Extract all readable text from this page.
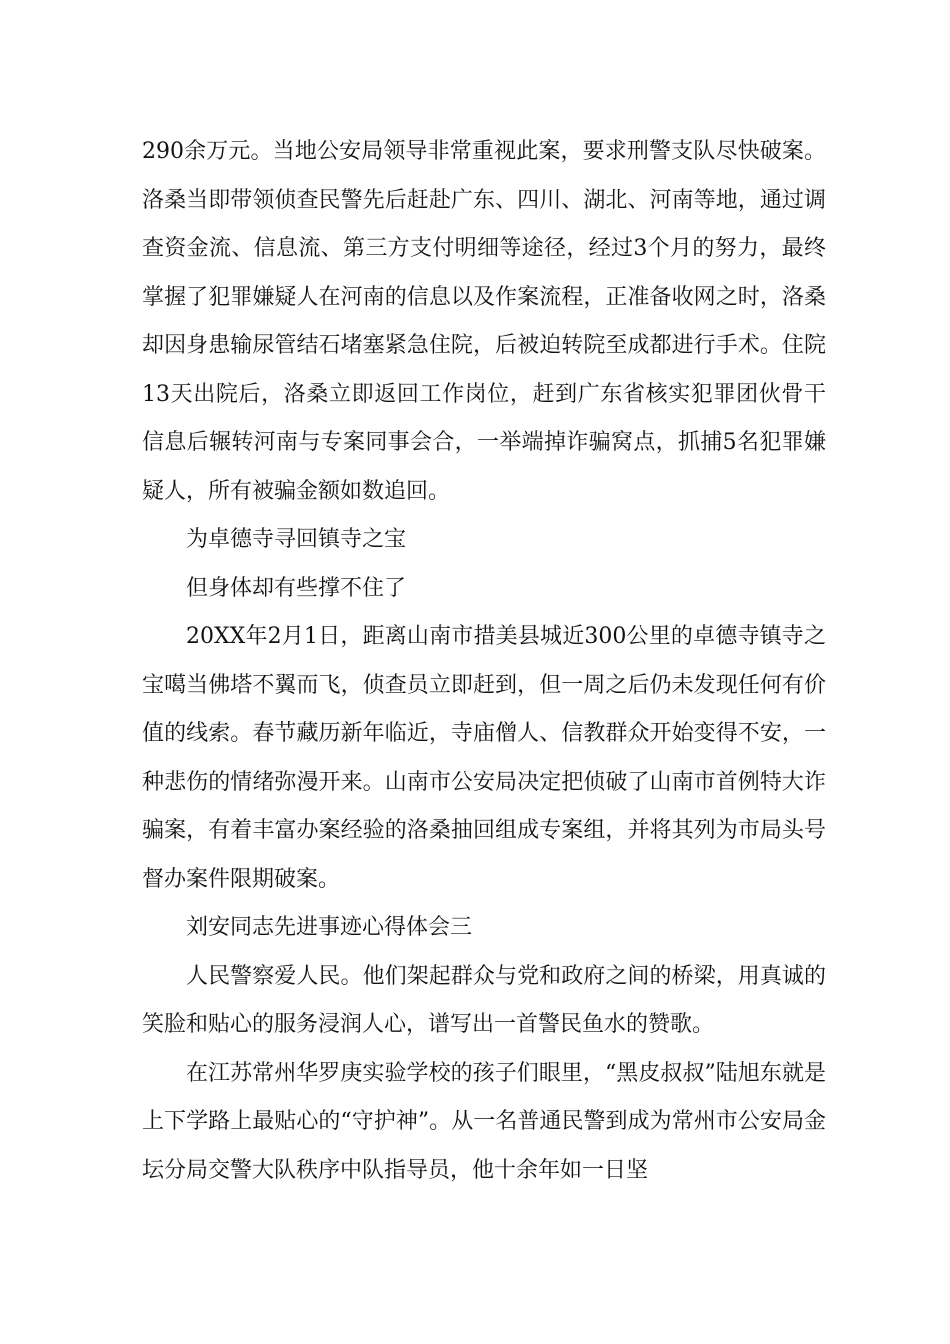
290余万元。当地公安局领导非常重视此案，要求刑警支队尽快破案。洛桑当即带领侦查民警先后赶赴广东、四川、湖北、河南等地，通过调查资金流、信息流、第三方支付明细等途径，经过3个月的努力，最终掌握了犯罪嫌疑人在河南的信息以及作案流程，正准备收网之时，洛桑却因身患输尿管结石堵塞紧急住院，后被迫转院至成都进行手术。住院13天出院后，洛桑立即返回工作岗位，赶到广东省核实犯罪团伙骨干信息后辗转河南与专案同事会合，一举端掉诈骗窝点，抓捕5名犯罪嫌疑人，所有被骗金额如数追回。

为卓德寺寻回镇寺之宝

但身体却有些撑不住了

20XX年2月1日，距离山南市措美县城近300公里的卓德寺镇寺之宝噶当佛塔不翼而飞，侦查员立即赶到，但一周之后仍未发现任何有价值的线索。春节藏历新年临近，寺庙僧人、信教群众开始变得不安，一种悲伤的情绪弥漫开来。山南市公安局决定把侦破了山南市首例特大诈骗案，有着丰富办案经验的洛桑抽回组成专案组，并将其列为市局头号督办案件限期破案。

刘安同志先进事迹心得体会三

人民警察爱人民。他们架起群众与党和政府之间的桥梁，用真诚的笑脸和贴心的服务浸润人心，谱写出一首警民鱼水的赞歌。

在江苏常州华罗庚实验学校的孩子们眼里，“黑皮叔叔”陆旭东就是上下学路上最贴心的“守护神”。从一名普通民警到成为常州市公安局金坛分局交警大队秩序中队指导员，他十余年如一日坚
